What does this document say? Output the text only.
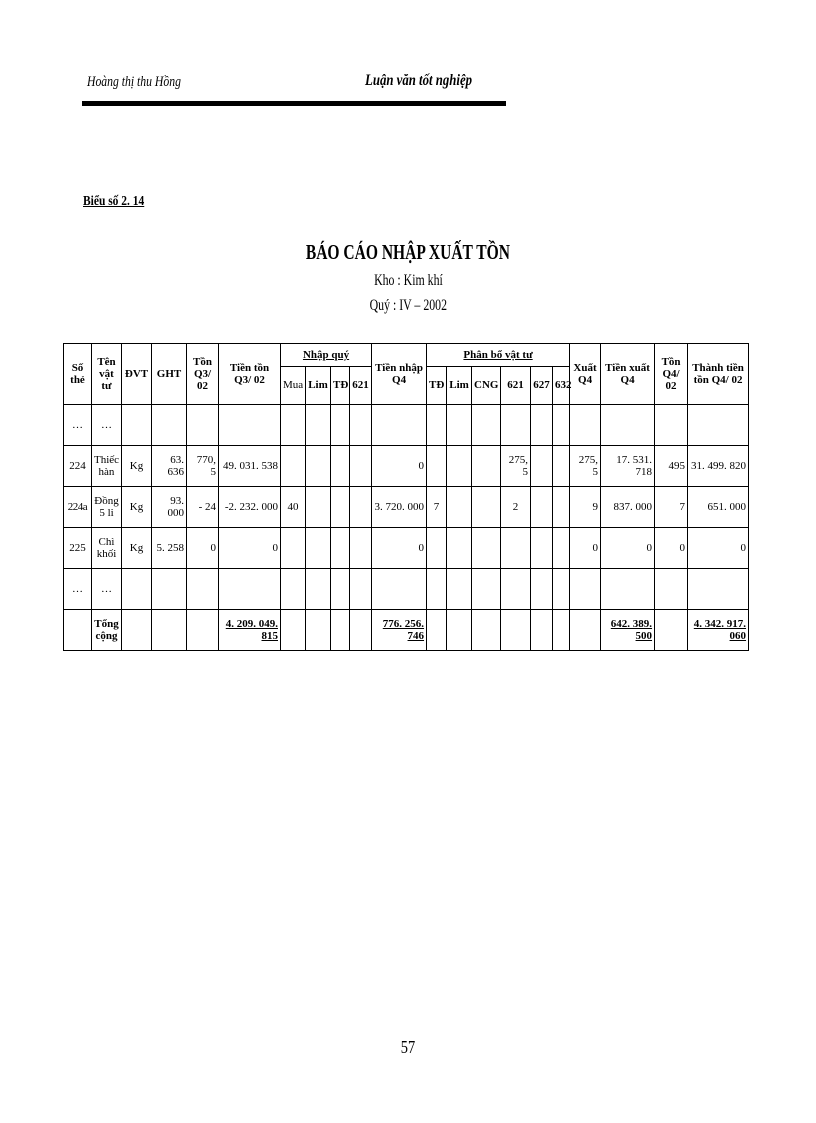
Hoàng thị thu Hồng	Luận văn tốt nghiệp
Biểu số 2. 14
BÁO CÁO NHẬP XUẤT TỒN
Kho : Kim khí
Quý : IV – 2002
Số thẻ	Tên vật tư	ĐVT	GHT	Tồn Q3/ 02	Tiền tồn Q3/ 02	Nhập quý				Tiền nhập Q4	Phân bổ vật tư						Xuất Q4	Tiền xuất Q4	Tồn Q4/ 02	Thành tiền tồn Q4/ 02
						Mua	Lim	TĐ	621		TĐ	Lim	CNG	621	627	632				
…	…																			
224	Thiếc hàn	Kg	63. 636	770, 5	49. 031. 538					0				275, 5			275, 5	17. 531. 718	495	31. 499. 820
224a	Đồng 5 li	Kg	93. 000	- 24	-2. 232. 000	40				3. 720. 000	7			2			9	837. 000	7	651. 000
225	Chì khối	Kg	5. 258	0	0					0							0	0	0	0
…	…																			
	Tổng cộng				4. 209. 049. 815					776. 256. 746								642. 389. 500		4. 342. 917. 060
57
